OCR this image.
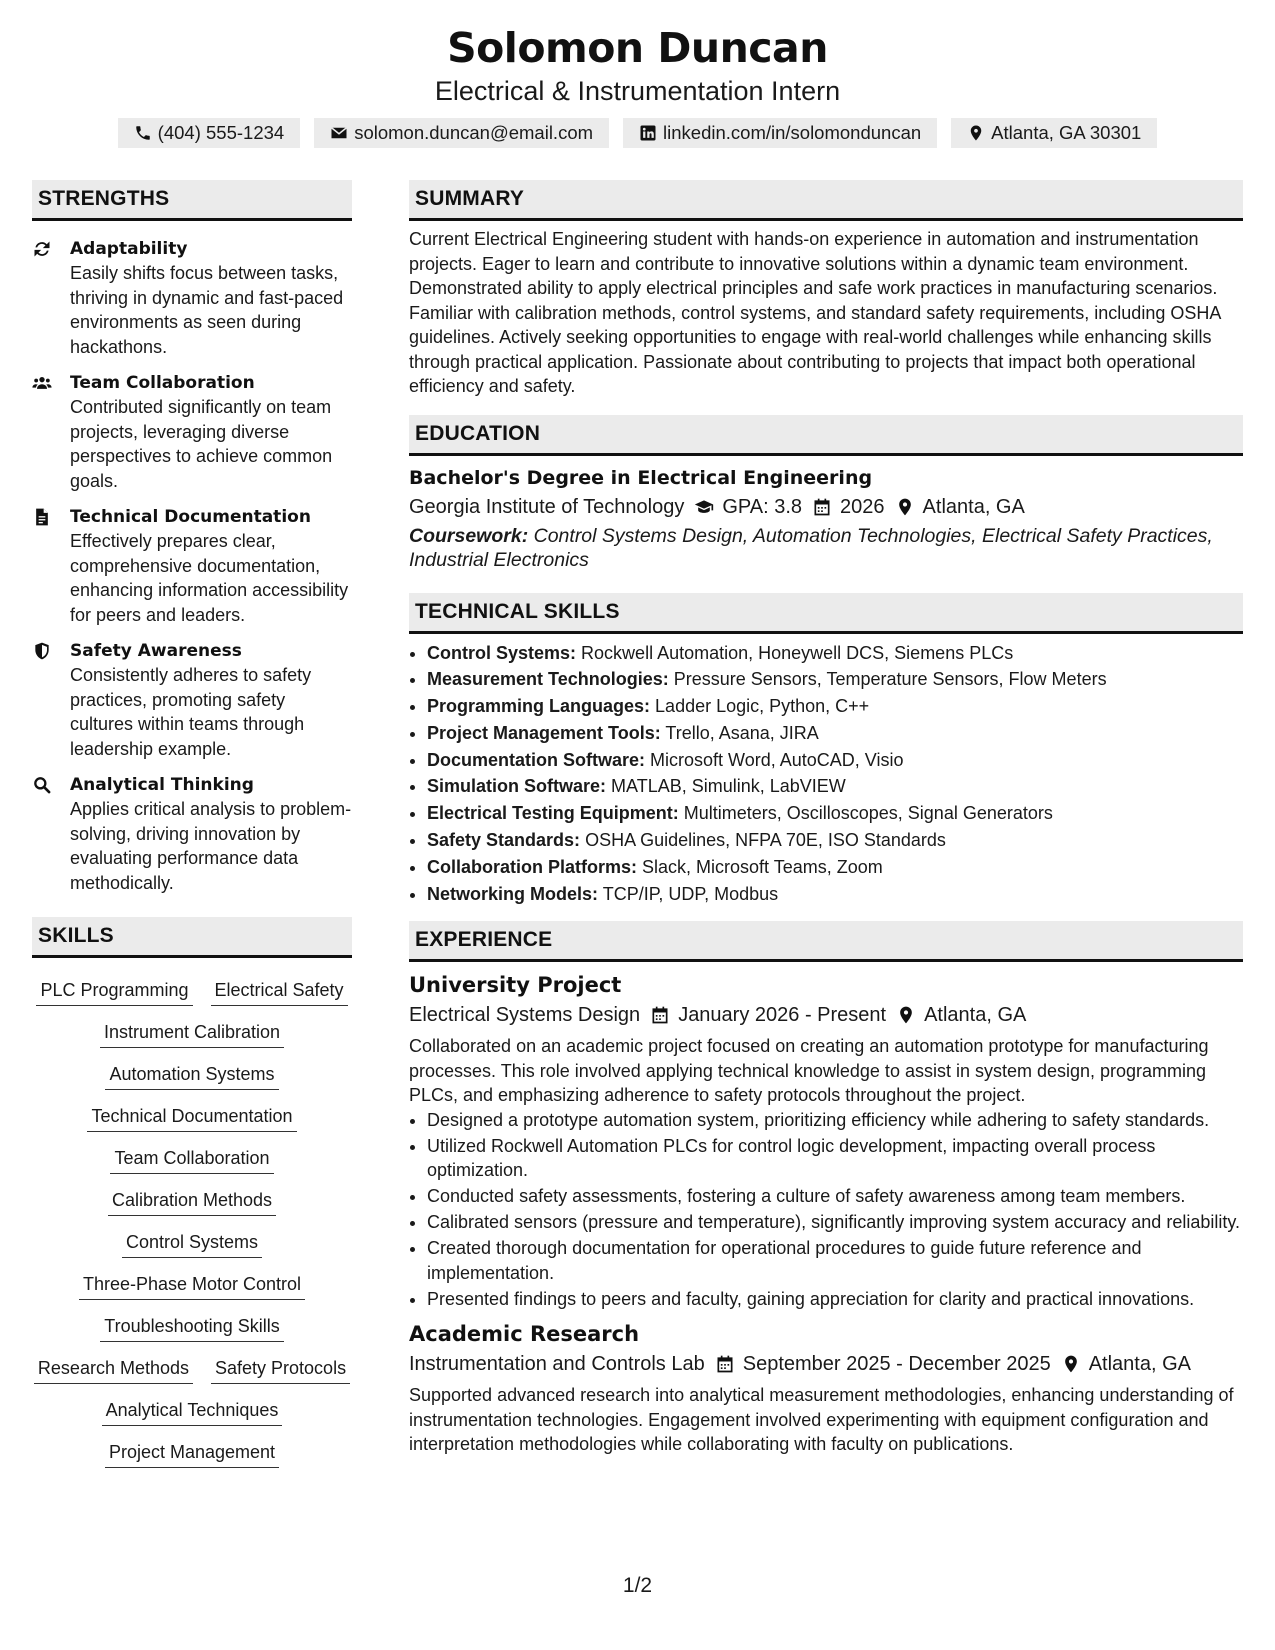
Solomon Duncan
Electrical & Instrumentation Intern
(404) 555-1234	solomon.duncan@email.com	linkedin.com/in/solomonduncan	Atlanta, GA 30301
STRENGTHS
Adaptability
Easily shifts focus between tasks, thriving in dynamic and fast-paced environments as seen during hackathons.
Team Collaboration
Contributed significantly on team projects, leveraging diverse perspectives to achieve common goals.
Technical Documentation
Effectively prepares clear, comprehensive documentation, enhancing information accessibility for peers and leaders.
Safety Awareness
Consistently adheres to safety practices, promoting safety cultures within teams through leadership example.
Analytical Thinking
Applies critical analysis to problem-solving, driving innovation by evaluating performance data methodically.
SKILLS
PLC Programming Electrical Safety
Instrument Calibration
Automation Systems
Technical Documentation
Team Collaboration
Calibration Methods
Control Systems
Three-Phase Motor Control
Troubleshooting Skills
Research Methods Safety Protocols
Analytical Techniques
Project Management
SUMMARY
Current Electrical Engineering student with hands-on experience in automation and instrumentation projects. Eager to learn and contribute to innovative solutions within a dynamic team environment. Demonstrated ability to apply electrical principles and safe work practices in manufacturing scenarios. Familiar with calibration methods, control systems, and standard safety requirements, including OSHA guidelines. Actively seeking opportunities to engage with real-world challenges while enhancing skills through practical application. Passionate about contributing to projects that impact both operational efficiency and safety.
EDUCATION
Bachelor's Degree in Electrical Engineering
Georgia Institute of Technology GPA: 3.8 2026 Atlanta, GA
Coursework: Control Systems Design, Automation Technologies, Electrical Safety Practices, Industrial Electronics
TECHNICAL SKILLS
• Control Systems: Rockwell Automation, Honeywell DCS, Siemens PLCs
• Measurement Technologies: Pressure Sensors, Temperature Sensors, Flow Meters
• Programming Languages: Ladder Logic, Python, C++
• Project Management Tools: Trello, Asana, JIRA
• Documentation Software: Microsoft Word, AutoCAD, Visio
• Simulation Software: MATLAB, Simulink, LabVIEW
• Electrical Testing Equipment: Multimeters, Oscilloscopes, Signal Generators
• Safety Standards: OSHA Guidelines, NFPA 70E, ISO Standards
• Collaboration Platforms: Slack, Microsoft Teams, Zoom
• Networking Models: TCP/IP, UDP, Modbus
EXPERIENCE
University Project
Electrical Systems Design January 2026 - Present Atlanta, GA
Collaborated on an academic project focused on creating an automation prototype for manufacturing processes. This role involved applying technical knowledge to assist in system design, programming PLCs, and emphasizing adherence to safety protocols throughout the project.
• Designed a prototype automation system, prioritizing efficiency while adhering to safety standards.
• Utilized Rockwell Automation PLCs for control logic development, impacting overall process optimization.
• Conducted safety assessments, fostering a culture of safety awareness among team members.
• Calibrated sensors (pressure and temperature), significantly improving system accuracy and reliability.
• Created thorough documentation for operational procedures to guide future reference and implementation.
• Presented findings to peers and faculty, gaining appreciation for clarity and practical innovations.
Academic Research
Instrumentation and Controls Lab September 2025 - December 2025 Atlanta, GA
Supported advanced research into analytical measurement methodologies, enhancing understanding of instrumentation technologies. Engagement involved experimenting with equipment configuration and interpretation methodologies while collaborating with faculty on publications.
1/2
